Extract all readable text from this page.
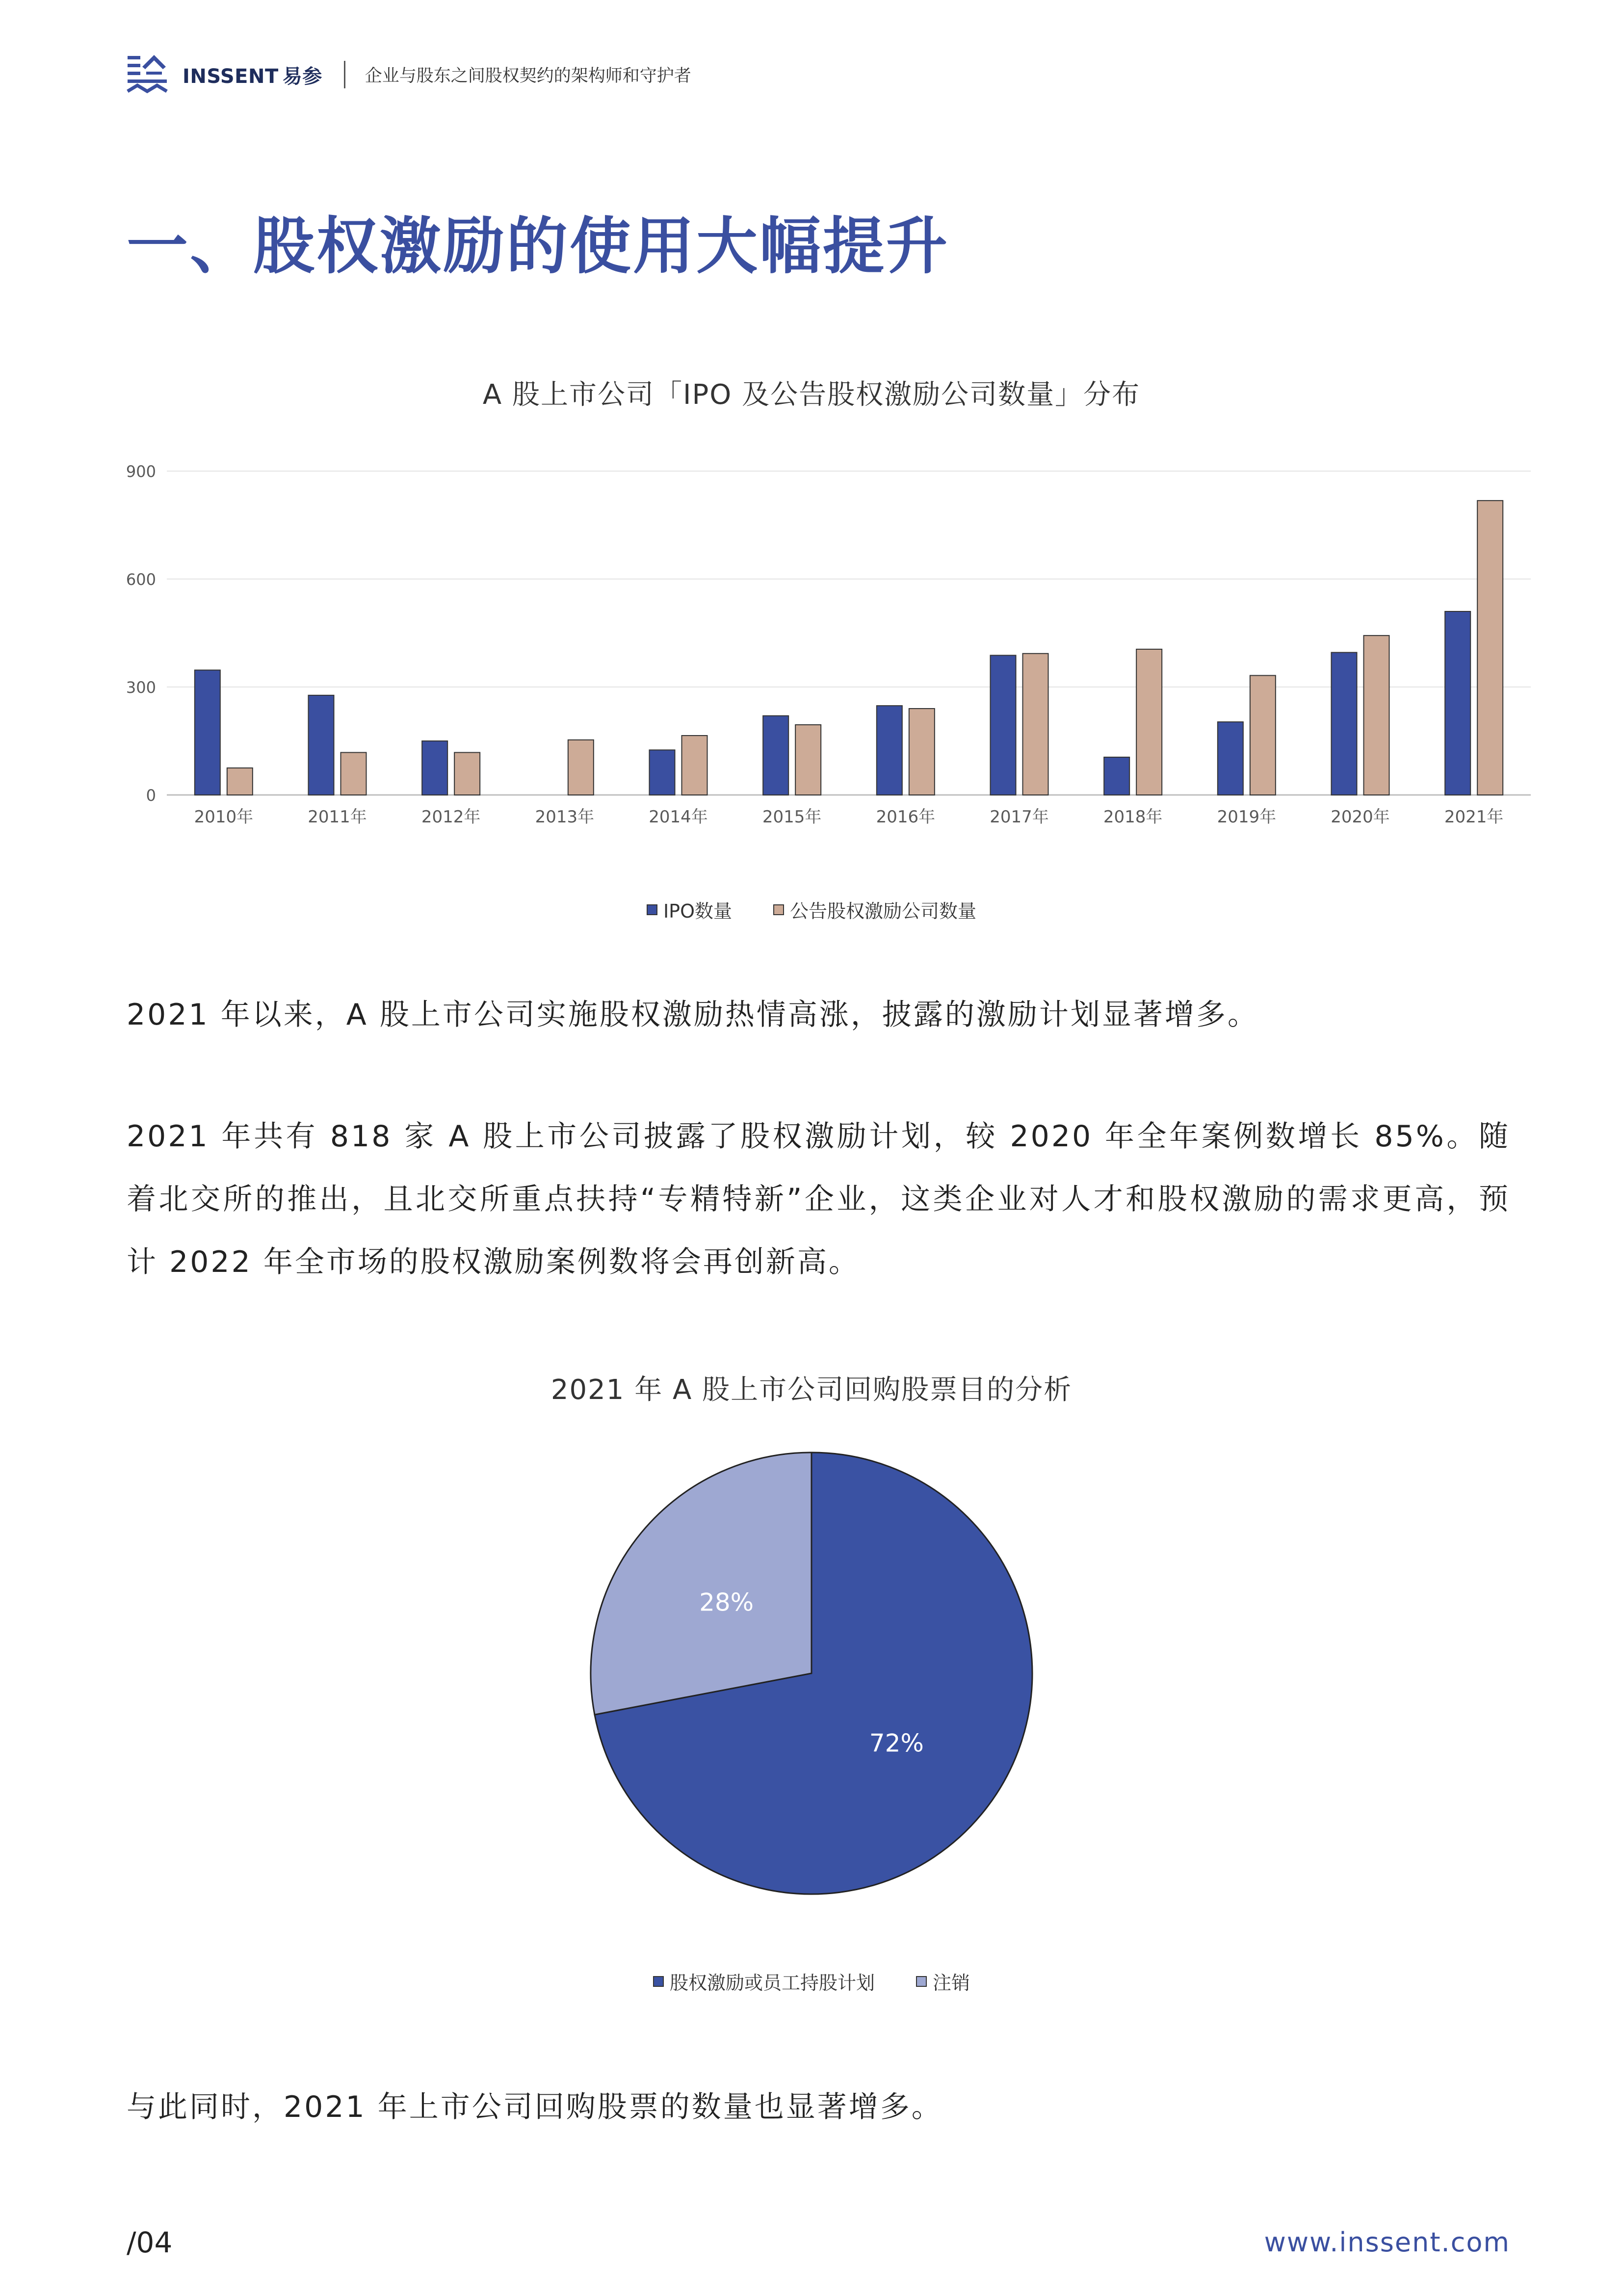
INSSENT 易参 企业与股东之间股权契约的架构师和守护者
一、股权激励的使用大幅提升
A 股上市公司「IPO 及公告股权激励公司数量」分布
0
300
600
900
2010年	2011年	2012年	2013年	2014年	2015年	2016年	2017年	2018年	2019年	2020年	2021年
IPO数量	公告股权激励公司数量

2021 年以来，A 股上市公司实施股权激励热情高涨，披露的激励计划显著增多。

2021 年共有 818 家 A 股上市公司披露了股权激励计划，较 2020 年全年案例数增长 85%。随着北交所的推出，且北交所重点扶持“专精特新”企业，这类企业对人才和股权激励的需求更高，预计 2022 年全市场的股权激励案例数将会再创新高。

2021 年 A 股上市公司回购股票目的分析
72%
28%
股权激励或员工持股计划	注销

与此同时，2021 年上市公司回购股票的数量也显著增多。

/04	www.inssent.com
